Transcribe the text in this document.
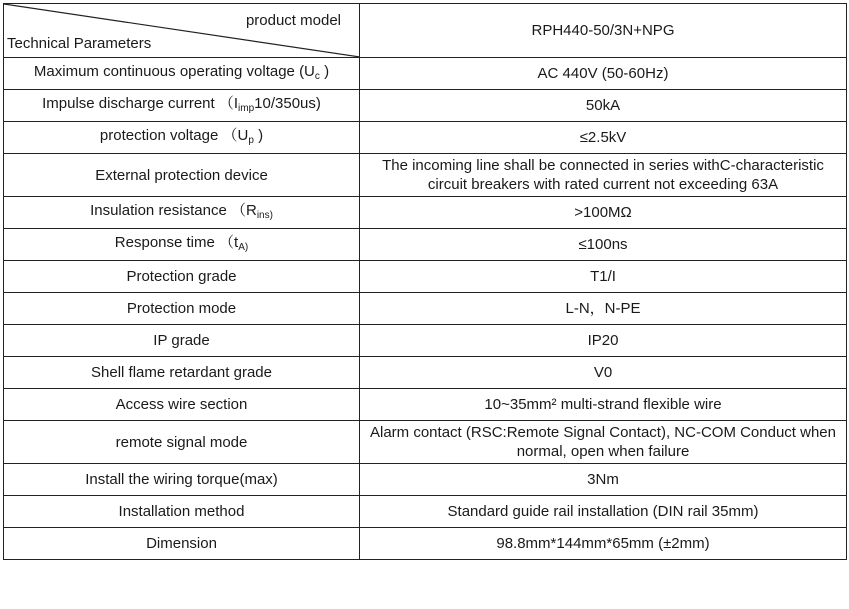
product model
Technical Parameters	RPH440-50/3N+NPG
Maximum continuous operating voltage ($U_c$ )	AC 440V (50-60Hz)
Impulse discharge current $(I_{imp}10/350us)$	50kA
protection voltage （$U_p$ )	≤2.5kV
External protection device	The incoming line shall be connected in series withC-characteristic circuit breakers with rated current not exceeding 63A
Insulation resistance （$R_{ins)}$	>100MΩ
Response time （$t_{A)}$	≤100ns
Protection grade	T1/I
Protection mode	L-N，N-PE
IP grade	IP20
Shell flame retardant grade	V0
Access wire section	10~35mm² multi-strand flexible wire
remote signal mode	Alarm contact (RSC:Remote Signal Contact), NC-COM Conduct when normal, open when failure
Install the wiring torque(max)	3Nm
Installation method	Standard guide rail installation (DIN rail 35mm)
Dimension	98.8mm*144mm*65mm (±2mm)
